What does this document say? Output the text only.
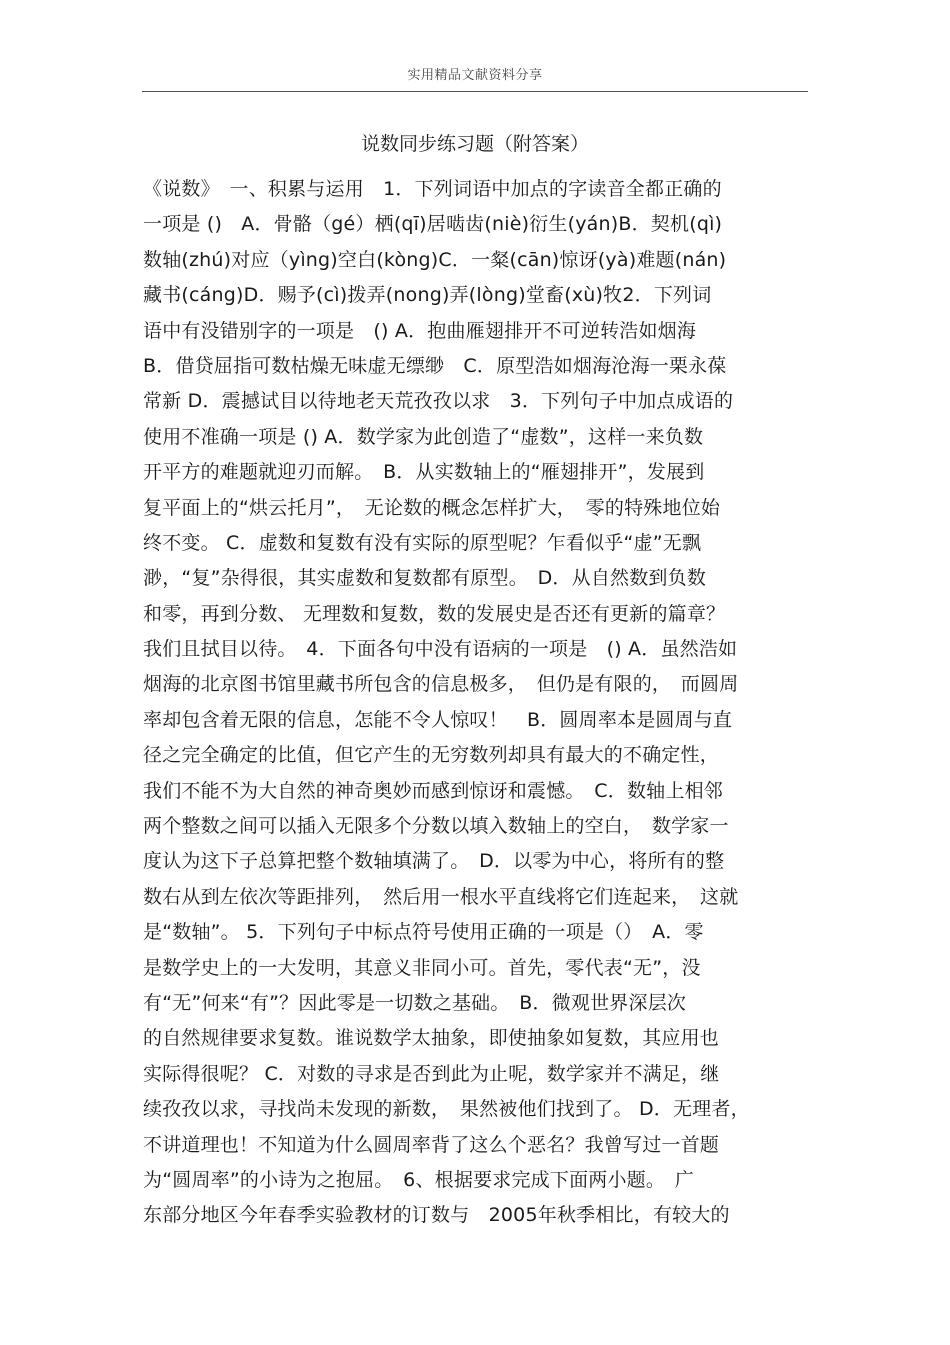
实用精品文献资料分享
说数同步练习题（附答案）
《说数》　一、积累与运用　1．下列词语中加点的字读音全都正确的
一项是 ()　A．骨骼（gé）栖(qī)居啮齿(niè)衍生(yán)B．契机(qì)
数轴(zhú)对应（yìng)空白(kòng)C．一粲(cān)惊讶(yà)难题(nán)
藏书(cáng)D．赐予(cì)拨弄(nong)弄(lòng)堂畜(xù)牧2．下列词
语中有没错别字的一项是　() A．抱曲雁翅排开不可逆转浩如烟海
B．借贷屈指可数枯燥无味虚无缥缈　C．原型浩如烟海沧海一栗永葆
常新 D．震撼试目以待地老天荒孜孜以求　3．下列句子中加点成语的
使用不准确一项是 () A．数学家为此创造了“虚数”，这样一来负数
开平方的难题就迎刃而解。　B．从实数轴上的“雁翅排开”，发展到
复平面上的“烘云托月”，　无论数的概念怎样扩大，　零的特殊地位始
终不变。 C．虚数和复数有没有实际的原型呢？乍看似乎“虚”无飘
渺，“复”杂得很，其实虚数和复数都有原型。　D．从自然数到负数
和零，再到分数、 无理数和复数，数的发展史是否还有更新的篇章？
我们且拭目以待。　4．下面各句中没有语病的一项是　() A．虽然浩如
烟海的北京图书馆里藏书所包含的信息极多，　但仍是有限的，　而圆周
率却包含着无限的信息，怎能不令人惊叹！　B．圆周率本是圆周与直
径之完全确定的比值，但它产生的无穷数列却具有最大的不确定性，
我们不能不为大自然的神奇奥妙而感到惊讶和震憾。　C．数轴上相邻
两个整数之间可以插入无限多个分数以填入数轴上的空白，　数学家一
度认为这下子总算把整个数轴填满了。　D．以零为中心，将所有的整
数右从到左依次等距排列，　然后用一根水平直线将它们连起来，　这就
是“数轴”。 5．下列句子中标点符号使用正确的一项是（）　A．零
是数学史上的一大发明，其意义非同小可。首先，零代表“无”，没
有“无”何来“有”？因此零是一切数之基础。　B．微观世界深层次
的自然规律要求复数。谁说数学太抽象，即使抽象如复数，其应用也
实际得很呢？ C．对数的寻求是否到此为止呢，数学家并不满足，继
续孜孜以求，寻找尚未发现的新数，　果然被他们找到了。 D．无理者，
不讲道理也！不知道为什么圆周率背了这么个恶名？我曾写过一首题
为“圆周率”的小诗为之抱屈。　6、根据要求完成下面两小题。　广
东部分地区今年春季实验教材的订数与　2005年秋季相比，有较大的
